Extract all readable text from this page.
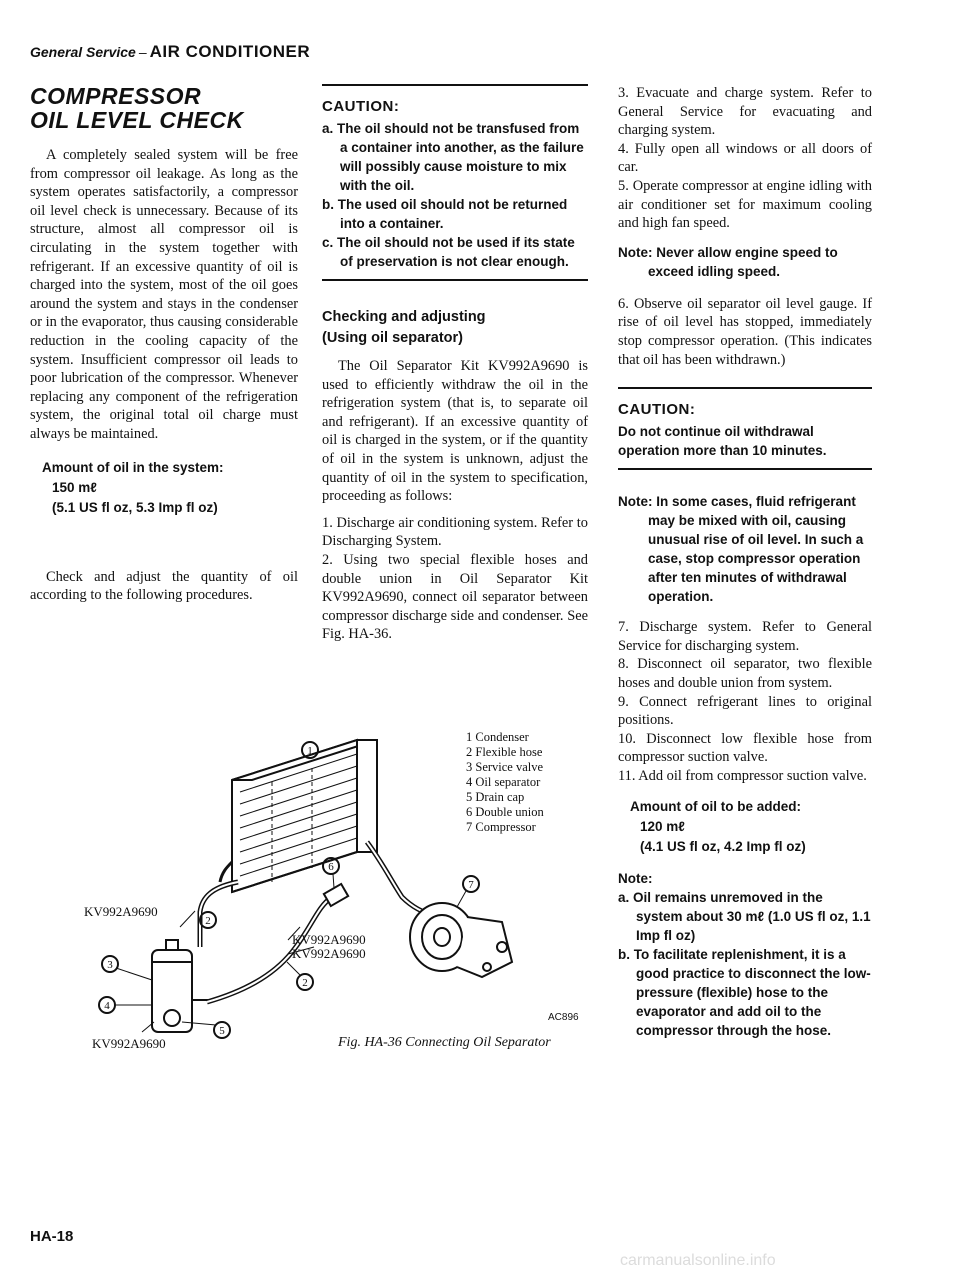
General Service – AIR CONDITIONER
COMPRESSOR
OIL LEVEL CHECK

A completely sealed system will be free from compressor oil leakage. As long as the system operates satisfactorily, a compressor oil level check is unnecessary. Because of its structure, almost all compressor oil is circulating in the system together with refrigerant. If an excessive quantity of oil is charged into the system, most of the oil goes around the system and stays in the condenser or in the evaporator, thus causing considerable reduction in the cooling capacity of the system. Insufficient compressor oil leads to poor lubrication of the compressor. Whenever replacing any component of the refrigeration system, the original total oil charge must always be maintained.

Amount of oil in the system:
150 mℓ
(5.1 US fl oz, 5.3 Imp fl oz)

Check and adjust the quantity of oil according to the following procedures.

CAUTION:

a. The oil should not be transfused from a container into another, as the failure will possibly cause moisture to mix with the oil.

b. The used oil should not be returned into a container.

c. The oil should not be used if its state of preservation is not clear enough.

Checking and adjusting
(Using oil separator)

The Oil Separator Kit KV992A9690 is used to efficiently withdraw the oil in the refrigeration system (that is, to separate oil and refrigerant). If an excessive quantity of oil is charged in the system, or if the quantity of oil in the system is unknown, adjust the quantity of oil in the system to specification, proceeding as follows:

1. Discharge air conditioning system. Refer to Discharging System.

2. Using two special flexible hoses and double union in Oil Separator Kit KV992A9690, connect oil separator between compressor discharge side and condenser. See Fig. HA-36.

3. Evacuate and charge system. Refer to General Service for evacuating and charging system.

4. Fully open all windows or all doors of car.

5. Operate compressor at engine idling with air conditioner set for maximum cooling and high fan speed.

Note: Never allow engine speed to exceed idling speed.

6. Observe oil separator oil level gauge. If rise of oil level has stopped, immediately stop compressor operation. (This indicates that oil has been withdrawn.)

CAUTION:

Do not continue oil withdrawal operation more than 10 minutes.

Note: In some cases, fluid refrigerant may be mixed with oil, causing unusual rise of oil level. In such a case, stop compressor operation after ten minutes of withdrawal operation.

7. Discharge system. Refer to General Service for discharging system.

8. Disconnect oil separator, two flexible hoses and double union from system.

9. Connect refrigerant lines to original positions.

10. Disconnect low flexible hose from compressor suction valve.

11. Add oil from compressor suction valve.

Amount of oil to be added:
120 mℓ
(4.1 US fl oz, 4.2 Imp fl oz)
Note:

a. Oil remains unremoved in the system about 30 mℓ (1.0 US fl oz, 1.1 Imp fl oz)

b. To facilitate replenishment, it is a good practice to disconnect the low-pressure (flexible) hose to the evaporator and add oil to the compressor through the hose.

1
2
3
4
5
6
7
2
KV992A9690
KV992A9690
KV992A9690
KV992A9690
1 Condenser
2 Flexible hose
3 Service valve
4 Oil separator
5 Drain cap
6 Double union
7 Compressor
AC896
Fig. HA-36 Connecting Oil Separator
HA-18
carmanualsonline.info
